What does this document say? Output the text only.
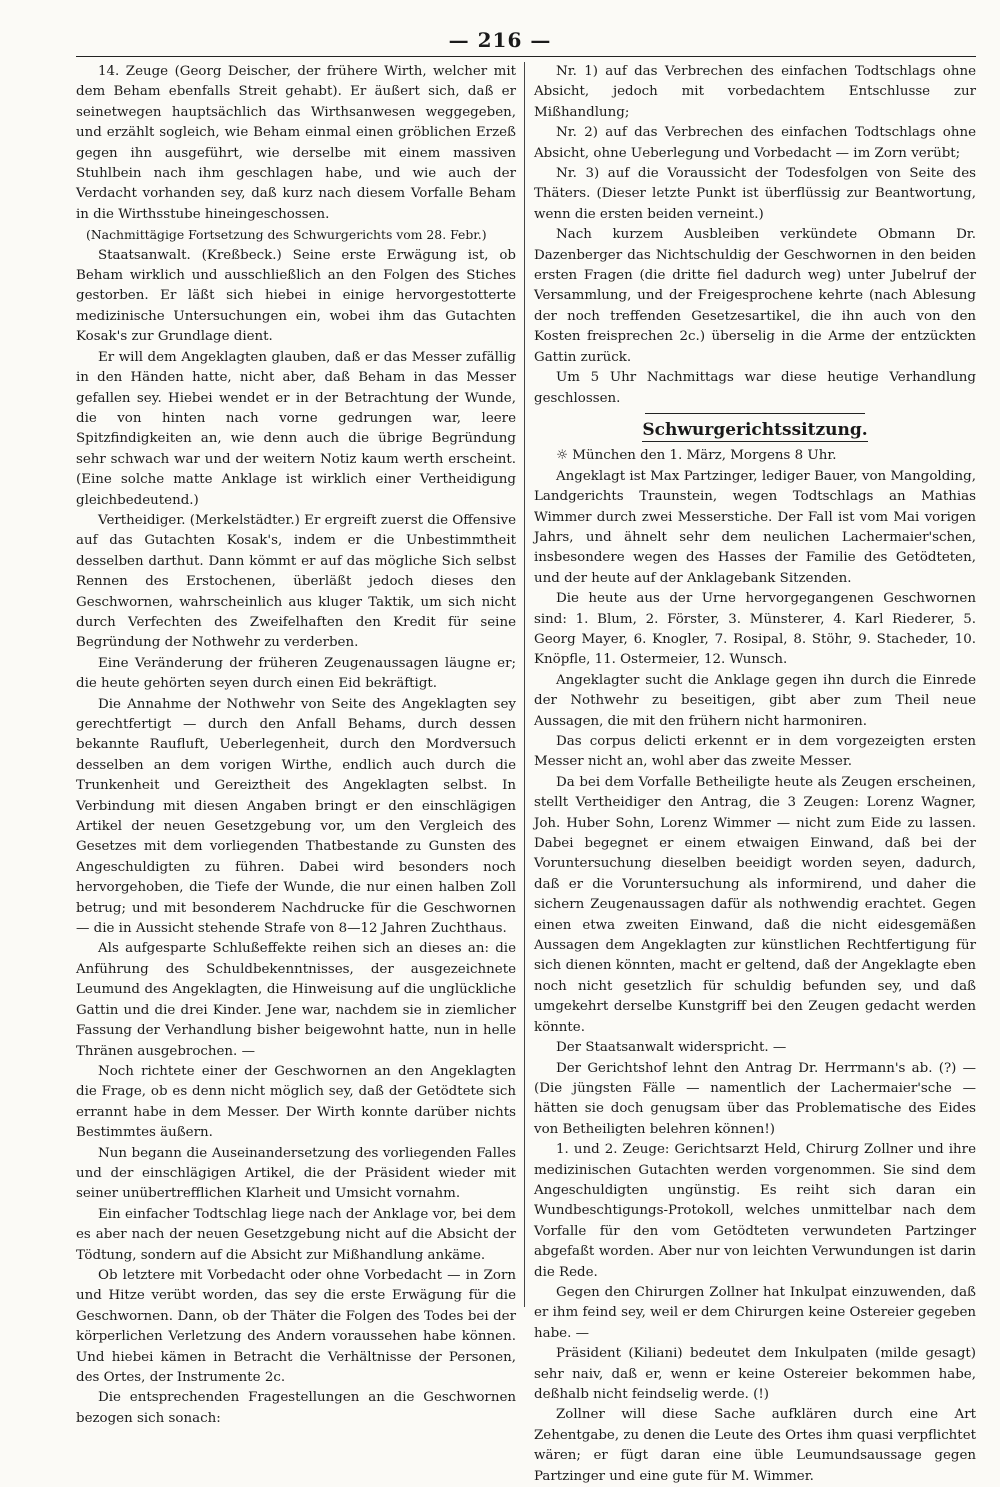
— 216 —

14. Zeuge (Georg Deischer, der frühere Wirth, welcher mit dem Beham ebenfalls Streit gehabt). Er äußert sich, daß er seinetwegen hauptsächlich das Wirthsanwesen weggegeben, und erzählt sogleich, wie Beham einmal einen gröblichen Erzeß gegen ihn ausgeführt, wie derselbe mit einem massiven Stuhlbein nach ihm geschlagen habe, und wie auch der Verdacht vorhanden sey, daß kurz nach diesem Vorfalle Beham in die Wirthsstube hineingeschossen.

(Nachmittägige Fortsetzung des Schwurgerichts vom 28. Febr.)

Staatsanwalt. (Kreßbeck.) Seine erste Erwägung ist, ob Beham wirklich und ausschließlich an den Folgen des Stiches gestorben. Er läßt sich hiebei in einige hervorgestotterte medizinische Untersuchungen ein, wobei ihm das Gutachten Kosak's zur Grundlage dient.

Er will dem Angeklagten glauben, daß er das Messer zufällig in den Händen hatte, nicht aber, daß Beham in das Messer gefallen sey. Hiebei wendet er in der Betrachtung der Wunde, die von hinten nach vorne gedrungen war, leere Spitzfindigkeiten an, wie denn auch die übrige Begründung sehr schwach war und der weitern Notiz kaum werth erscheint. (Eine solche matte Anklage ist wirklich einer Vertheidigung gleichbedeutend.)

Vertheidiger. (Merkelstädter.) Er ergreift zuerst die Offensive auf das Gutachten Kosak's, indem er die Unbestimmtheit desselben darthut. Dann kömmt er auf das mögliche Sich selbst Rennen des Erstochenen, überläßt jedoch dieses den Geschwornen, wahrscheinlich aus kluger Taktik, um sich nicht durch Verfechten des Zweifelhaften den Kredit für seine Begründung der Nothwehr zu verderben.

Eine Veränderung der früheren Zeugenaussagen läugne er; die heute gehörten seyen durch einen Eid bekräftigt.

Die Annahme der Nothwehr von Seite des Angeklagten sey gerechtfertigt — durch den Anfall Behams, durch dessen bekannte Raufluft, Ueberlegenheit, durch den Mordversuch desselben an dem vorigen Wirthe, endlich auch durch die Trunkenheit und Gereiztheit des Angeklagten selbst. In Verbindung mit diesen Angaben bringt er den einschlägigen Artikel der neuen Gesetzgebung vor, um den Vergleich des Gesetzes mit dem vorliegenden Thatbestande zu Gunsten des Angeschuldigten zu führen. Dabei wird besonders noch hervorgehoben, die Tiefe der Wunde, die nur einen halben Zoll betrug; und mit besonderem Nachdrucke für die Geschwornen — die in Aussicht stehende Strafe von 8—12 Jahren Zuchthaus.

Als aufgesparte Schlußeffekte reihen sich an dieses an: die Anführung des Schuldbekenntnisses, der ausgezeichnete Leumund des Angeklagten, die Hinweisung auf die unglückliche Gattin und die drei Kinder. Jene war, nachdem sie in ziemlicher Fassung der Verhandlung bisher beigewohnt hatte, nun in helle Thränen ausgebrochen. —

Noch richtete einer der Geschwornen an den Angeklagten die Frage, ob es denn nicht möglich sey, daß der Getödtete sich errannt habe in dem Messer. Der Wirth konnte darüber nichts Bestimmtes äußern.

Nun begann die Auseinandersetzung des vorliegenden Falles und der einschlägigen Artikel, die der Präsident wieder mit seiner unübertrefflichen Klarheit und Umsicht vornahm.

Ein einfacher Todtschlag liege nach der Anklage vor, bei dem es aber nach der neuen Gesetzgebung nicht auf die Absicht der Tödtung, sondern auf die Absicht zur Mißhandlung ankäme.

Ob letztere mit Vorbedacht oder ohne Vorbedacht — in Zorn und Hitze verübt worden, das sey die erste Erwägung für die Geschwornen. Dann, ob der Thäter die Folgen des Todes bei der körperlichen Verletzung des Andern voraussehen habe können. Und hiebei kämen in Betracht die Verhältnisse der Personen, des Ortes, der Instrumente 2c.

Die entsprechenden Fragestellungen an die Geschwornen bezogen sich sonach:

Nr. 1) auf das Verbrechen des einfachen Todtschlags ohne Absicht, jedoch mit vorbedachtem Entschlusse zur Mißhandlung;

Nr. 2) auf das Verbrechen des einfachen Todtschlags ohne Absicht, ohne Ueberlegung und Vorbedacht — im Zorn verübt;

Nr. 3) auf die Voraussicht der Todesfolgen von Seite des Thäters. (Dieser letzte Punkt ist überflüssig zur Beantwortung, wenn die ersten beiden verneint.)

Nach kurzem Ausbleiben verkündete Obmann Dr. Dazenberger das Nichtschuldig der Geschwornen in den beiden ersten Fragen (die dritte fiel dadurch weg) unter Jubelruf der Versammlung, und der Freigesprochene kehrte (nach Ablesung der noch treffenden Gesetzesartikel, die ihn auch von den Kosten freisprechen 2c.) überselig in die Arme der entzückten Gattin zurück.

Um 5 Uhr Nachmittags war diese heutige Verhandlung geschlossen.

Schwurgerichtssitzung.

☼ München den 1. März, Morgens 8 Uhr.

Angeklagt ist Max Partzinger, lediger Bauer, von Mangolding, Landgerichts Traunstein, wegen Todtschlags an Mathias Wimmer durch zwei Messerstiche. Der Fall ist vom Mai vorigen Jahrs, und ähnelt sehr dem neulichen Lachermaier'schen, insbesondere wegen des Hasses der Familie des Getödteten, und der heute auf der Anklagebank Sitzenden.

Die heute aus der Urne hervorgegangenen Geschwornen sind: 1. Blum, 2. Förster, 3. Münsterer, 4. Karl Riederer, 5. Georg Mayer, 6. Knogler, 7. Rosipal, 8. Stöhr, 9. Stacheder, 10. Knöpfle, 11. Ostermeier, 12. Wunsch.

Angeklagter sucht die Anklage gegen ihn durch die Einrede der Nothwehr zu beseitigen, gibt aber zum Theil neue Aussagen, die mit den frühern nicht harmoniren.

Das corpus delicti erkennt er in dem vorgezeigten ersten Messer nicht an, wohl aber das zweite Messer.

Da bei dem Vorfalle Betheiligte heute als Zeugen erscheinen, stellt Vertheidiger den Antrag, die 3 Zeugen: Lorenz Wagner, Joh. Huber Sohn, Lorenz Wimmer — nicht zum Eide zu lassen. Dabei begegnet er einem etwaigen Einwand, daß bei der Voruntersuchung dieselben beeidigt worden seyen, dadurch, daß er die Voruntersuchung als informirend, und daher die sichern Zeugenaussagen dafür als nothwendig erachtet. Gegen einen etwa zweiten Einwand, daß die nicht eidesgemäßen Aussagen dem Angeklagten zur künstlichen Rechtfertigung für sich dienen könnten, macht er geltend, daß der Angeklagte eben noch nicht gesetzlich für schuldig befunden sey, und daß umgekehrt derselbe Kunstgriff bei den Zeugen gedacht werden könnte.

Der Staatsanwalt widerspricht. —

Der Gerichtshof lehnt den Antrag Dr. Herrmann's ab. (?) — (Die jüngsten Fälle — namentlich der Lachermaier'sche — hätten sie doch genugsam über das Problematische des Eides von Betheiligten belehren können!)

1. und 2. Zeuge: Gerichtsarzt Held, Chirurg Zollner und ihre medizinischen Gutachten werden vorgenommen. Sie sind dem Angeschuldigten ungünstig. Es reiht sich daran ein Wundbeschtigungs-Protokoll, welches unmittelbar nach dem Vorfalle für den vom Getödteten verwundeten Partzinger abgefaßt worden. Aber nur von leichten Verwundungen ist darin die Rede.

Gegen den Chirurgen Zollner hat Inkulpat einzuwenden, daß er ihm feind sey, weil er dem Chirurgen keine Ostereier gegeben habe. —

Präsident (Kiliani) bedeutet dem Inkulpaten (milde gesagt) sehr naiv, daß er, wenn er keine Ostereier bekommen habe, deßhalb nicht feindselig werde. (!)

Zollner will diese Sache aufklären durch eine Art Zehentgabe, zu denen die Leute des Ortes ihm quasi verpflichtet wären; er fügt daran eine üble Leumundsaussage gegen Partzinger und eine gute für M. Wimmer.
